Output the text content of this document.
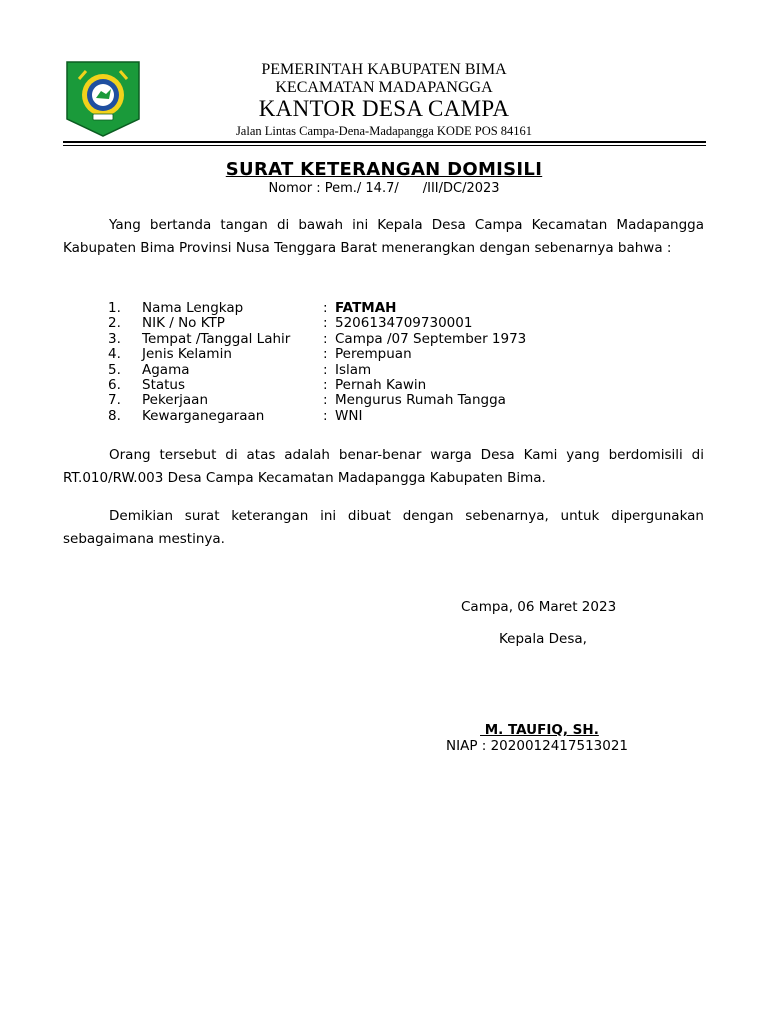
PEMERINTAH KABUPATEN BIMA
KECAMATAN MADAPANGGA
KANTOR DESA CAMPA
Jalan Lintas Campa-Dena-Madapangga KODE POS 84161
SURAT KETERANGAN DOMISILI
Nomor : Pem./ 14.7/ /III/DC/2023
Yang bertanda tangan di bawah ini Kepala Desa Campa Kecamatan Madapangga Kabupaten Bima Provinsi Nusa Tenggara Barat menerangkan dengan sebenarnya bahwa :
1. Nama Lengkap	: FATMAH
2. NIK / No KTP	: 5206134709730001
3. Tempat /Tanggal Lahir : Campa /07 September 1973
4. Jenis Kelamin	: Perempuan
5. Agama	: Islam
6. Status	: Pernah Kawin
7. Pekerjaan	: Mengurus Rumah Tangga
8. Kewarganegaraan	: WNI
Orang tersebut di atas adalah benar-benar warga Desa Kami yang berdomisili di RT.010/RW.003 Desa Campa Kecamatan Madapangga Kabupaten Bima.
Demikian surat keterangan ini dibuat dengan sebenarnya, untuk dipergunakan sebagaimana mestinya.
Campa, 06 Maret 2023
Kepala Desa,
M. TAUFIQ, SH.
NIAP : 2020012417513021
